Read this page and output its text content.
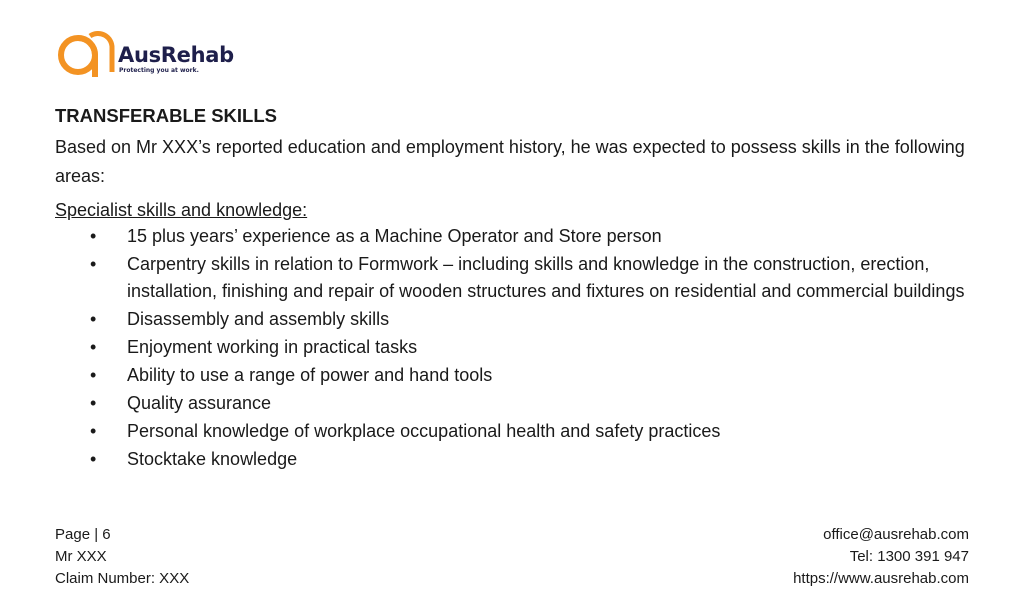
AusRehab
Protecting you at work.
TRANSFERABLE SKILLS

Based on Mr XXX’s reported education and employment history, he was expected to possess skills in the following areas:

Specialist skills and knowledge:
• 15 plus years’ experience as a Machine Operator and Store person
• Carpentry skills in relation to Formwork – including skills and knowledge in the construction, erection, installation, finishing and repair of wooden structures and fixtures on residential and commercial buildings
• Disassembly and assembly skills
• Enjoyment working in practical tasks
• Ability to use a range of power and hand tools
• Quality assurance
• Personal knowledge of workplace occupational health and safety practices
• Stocktake knowledge
Page | 6
Mr XXX
Claim Number: XXX
office@ausrehab.com
Tel: 1300 391 947
https://www.ausrehab.com
